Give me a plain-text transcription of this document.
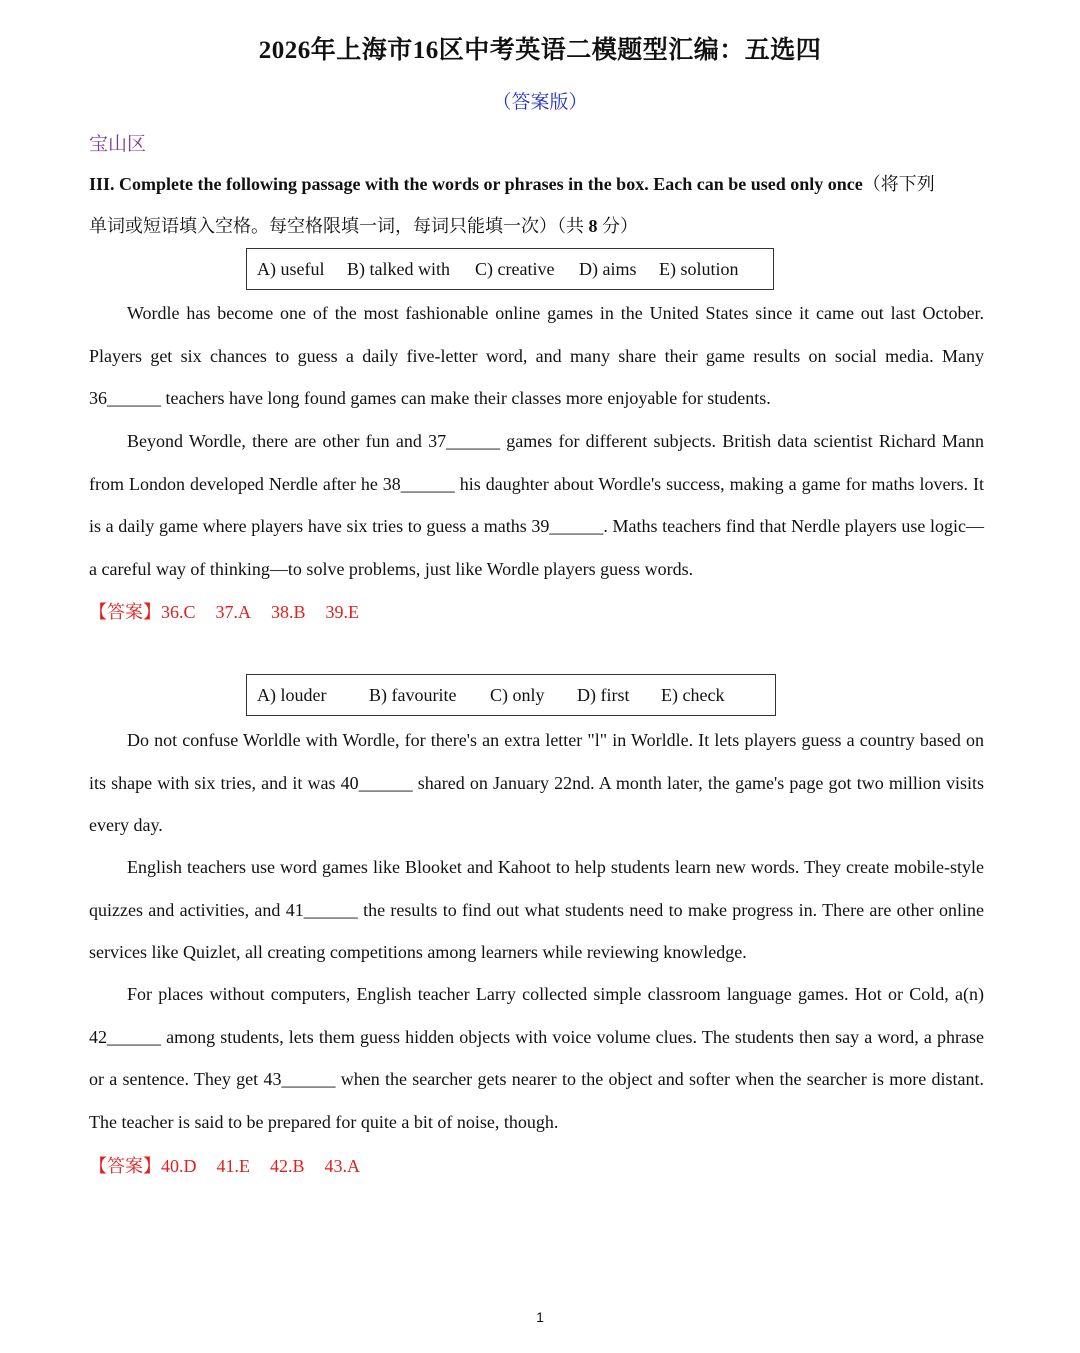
2026年上海市16区中考英语二模题型汇编：五选四
（答案版）
宝山区
III. Complete the following passage with the words or phrases in the box. Each can be used only once（将下列
单词或短语填入空格。每空格限填一词，每词只能填一次）（共 8 分）
A) useful	B) talked with	C) creative	D) aims	E) solution

Wordle has become one of the most fashionable online games in the United States since it came out last October. Players get six chances to guess a daily five-letter word, and many share their game results on social media. Many 36______ teachers have long found games can make their classes more enjoyable for students.

Beyond Wordle, there are other fun and 37______ games for different subjects. British data scientist Richard Mann from London developed Nerdle after he 38______ his daughter about Wordle's success, making a game for maths lovers. It is a daily game where players have six tries to guess a maths 39______. Maths teachers find that Nerdle players use logic—a careful way of thinking—to solve problems, just like Wordle players guess words.

【答案】36.C 37.A 38.B 39.E
A) louder	B) favourite	C) only	D) first	E) check

Do not confuse Worldle with Wordle, for there's an extra letter "l" in Worldle. It lets players guess a country based on its shape with six tries, and it was 40______ shared on January 22nd. A month later, the game's page got two million visits every day.

English teachers use word games like Blooket and Kahoot to help students learn new words. They create mobile-style quizzes and activities, and 41______ the results to find out what students need to make progress in. There are other online services like Quizlet, all creating competitions among learners while reviewing knowledge.

For places without computers, English teacher Larry collected simple classroom language games. Hot or Cold, a(n) 42______ among students, lets them guess hidden objects with voice volume clues. The students then say a word, a phrase or a sentence. They get 43______ when the searcher gets nearer to the object and softer when the searcher is more distant. The teacher is said to be prepared for quite a bit of noise, though.

【答案】40.D 41.E 42.B 43.A
1
